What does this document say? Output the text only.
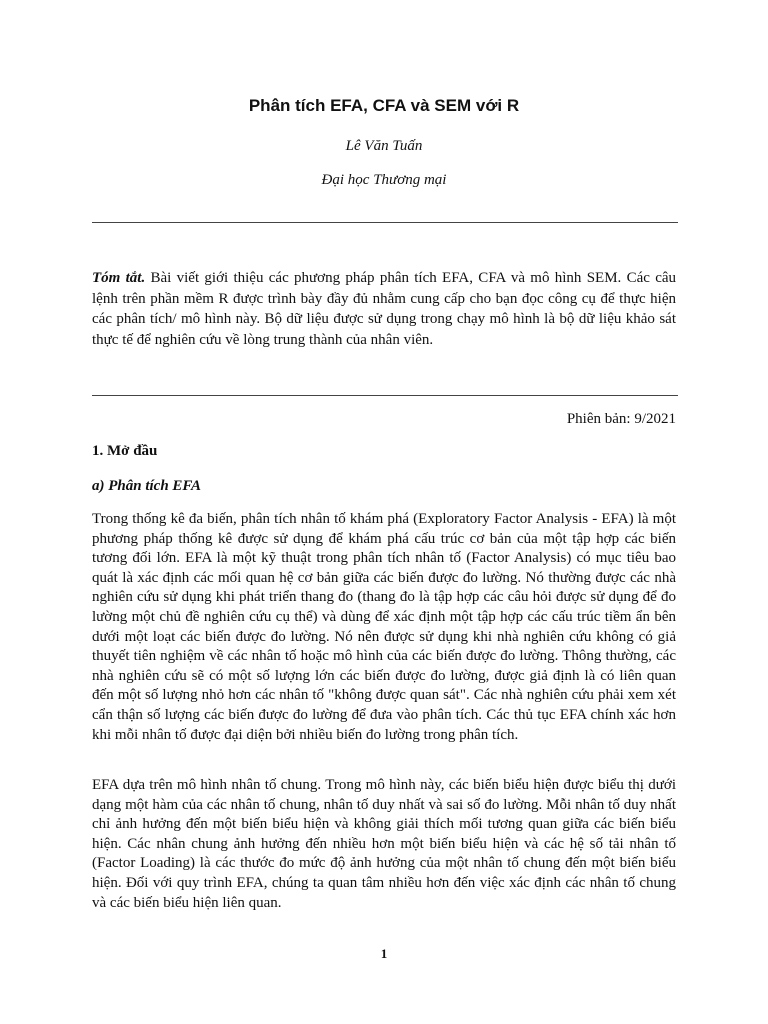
Phân tích EFA, CFA và SEM với R
Lê Văn Tuấn
Đại học Thương mại
Tóm tắt. Bài viết giới thiệu các phương pháp phân tích EFA, CFA và mô hình SEM. Các câu lệnh trên phần mềm R được trình bày đầy đủ nhằm cung cấp cho bạn đọc công cụ để thực hiện các phân tích/ mô hình này. Bộ dữ liệu được sử dụng trong chạy mô hình là bộ dữ liệu khảo sát thực tế để nghiên cứu về lòng trung thành của nhân viên.
Phiên bản: 9/2021
1. Mở đầu
a) Phân tích EFA

Trong thống kê đa biến, phân tích nhân tố khám phá (Exploratory Factor Analysis - EFA) là một phương pháp thống kê được sử dụng để khám phá cấu trúc cơ bản của một tập hợp các biến tương đối lớn. EFA là một kỹ thuật trong phân tích nhân tố (Factor Analysis) có mục tiêu bao quát là xác định các mối quan hệ cơ bản giữa các biến được đo lường. Nó thường được các nhà nghiên cứu sử dụng khi phát triển thang đo (thang đo là tập hợp các câu hỏi được sử dụng để đo lường một chủ đề nghiên cứu cụ thể) và dùng để xác định một tập hợp các cấu trúc tiềm ẩn bên dưới một loạt các biến được đo lường. Nó nên được sử dụng khi nhà nghiên cứu không có giả thuyết tiên nghiệm về các nhân tố hoặc mô hình của các biến được đo lường. Thông thường, các nhà nghiên cứu sẽ có một số lượng lớn các biến được đo lường, được giả định là có liên quan đến một số lượng nhỏ hơn các nhân tố "không được quan sát". Các nhà nghiên cứu phải xem xét cẩn thận số lượng các biến được đo lường để đưa vào phân tích. Các thủ tục EFA chính xác hơn khi mỗi nhân tố được đại diện bởi nhiều biến đo lường trong phân tích.

EFA dựa trên mô hình nhân tố chung. Trong mô hình này, các biến biểu hiện được biểu thị dưới dạng một hàm của các nhân tố chung, nhân tố duy nhất và sai số đo lường. Mỗi nhân tố duy nhất chỉ ảnh hưởng đến một biến biểu hiện và không giải thích mối tương quan giữa các biến biểu hiện. Các nhân chung ảnh hưởng đến nhiều hơn một biến biểu hiện và các hệ số tải nhân tố (Factor Loading) là các thước đo mức độ ảnh hưởng của một nhân tố chung đến một biến biểu hiện. Đối với quy trình EFA, chúng ta quan tâm nhiều hơn đến việc xác định các nhân tố chung và các biến biểu hiện liên quan.

1
